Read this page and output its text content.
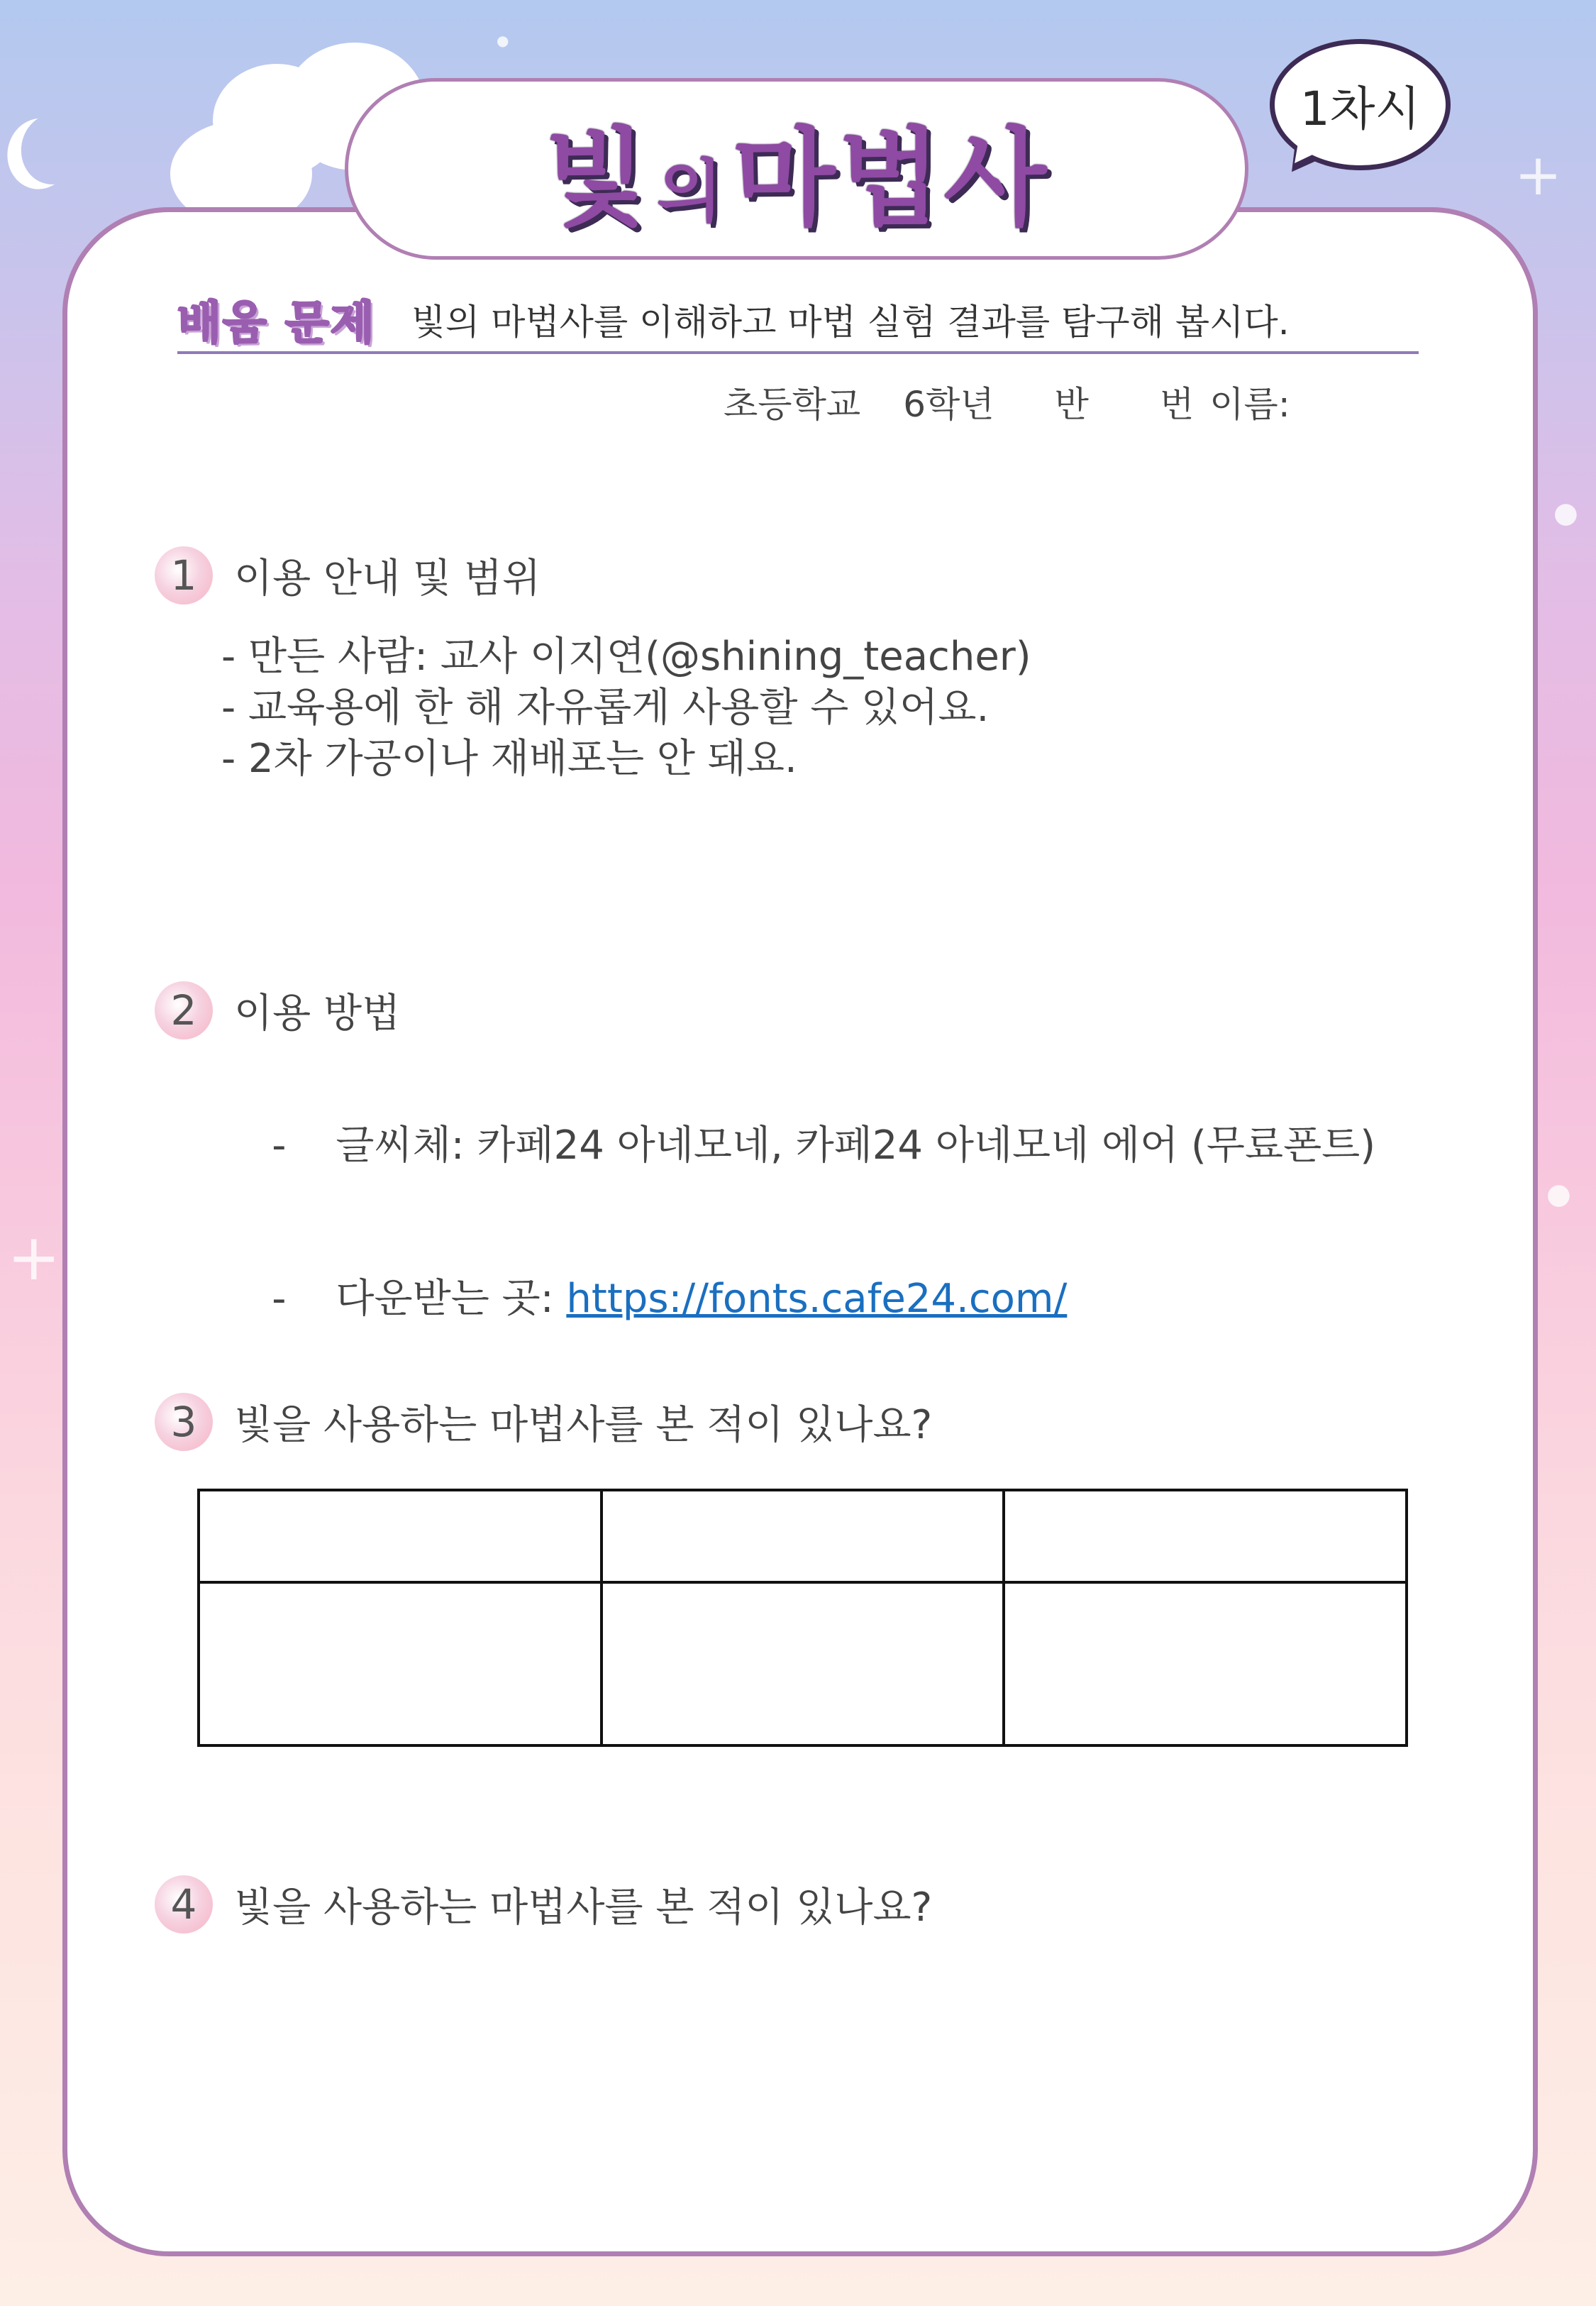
+
+
●
●
●
빛 의 마법사
1차시
배움 문제 빛의 마법사를 이해하고 마법 실험 결과를 탐구해 봅시다.
초등학교 6학년 반 번 이름:
1 이용 안내 및 범위
- 만든 사람: 교사 이지연(@shining_teacher)
- 교육용에 한 해 자유롭게 사용할 수 있어요.
- 2차 가공이나 재배포는 안 돼요.
2 이용 방법

- 글씨체: 카페24 아네모네, 카페24 아네모네 에어 (무료폰트)

- 다운받는 곳: https://fonts.cafe24.com/

3 빛을 사용하는 마법사를 본 적이 있나요?

4 빛을 사용하는 마법사를 본 적이 있나요?
